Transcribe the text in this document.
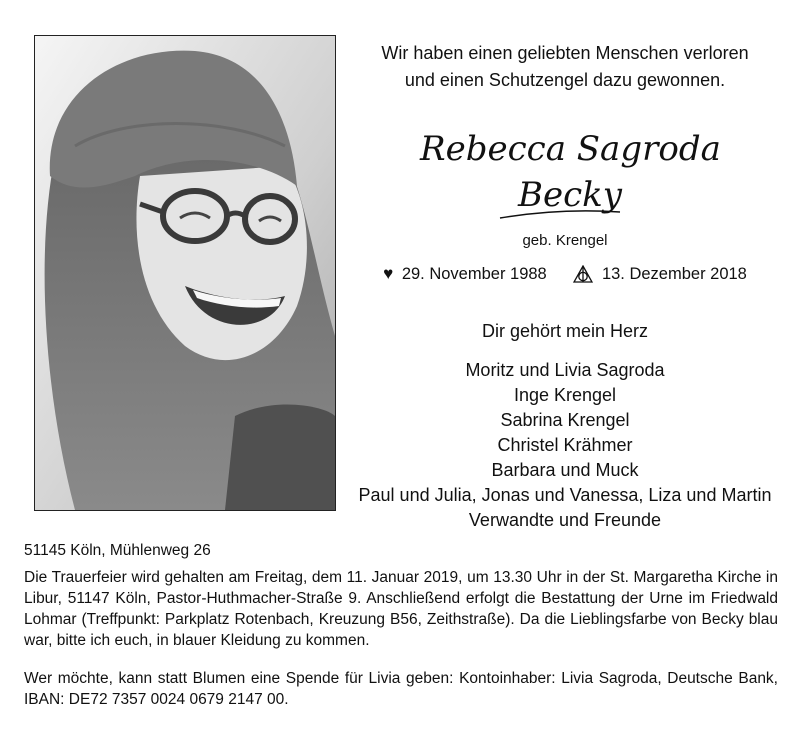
Wir haben einen geliebten Menschen verloren
und einen Schutzengel dazu gewonnen.
Rebecca Sagroda
Becky
geb. Krengel
♥ 29. November 1988	13. Dezember 2018
Dir gehört mein Herz
Moritz und Livia Sagroda
Inge Krengel
Sabrina Krengel
Christel Krähmer
Barbara und Muck
Paul und Julia, Jonas und Vanessa, Liza und Martin
Verwandte und Freunde
51145 Köln, Mühlenweg 26
Die Trauerfeier wird gehalten am Freitag, dem 11. Januar 2019, um 13.30 Uhr in der St. Margaretha Kirche in Libur, 51147 Köln, Pastor-Huthmacher-Straße 9. Anschließend erfolgt die Bestattung der Urne im Friedwald Lohmar (Treffpunkt: Parkplatz Rotenbach, Kreuzung B56, Zeithstraße). Da die Lieblingsfarbe von Becky blau war, bitte ich euch, in blauer Kleidung zu kommen.
Wer möchte, kann statt Blumen eine Spende für Livia geben: Kontoinhaber: Livia Sagroda, Deutsche Bank, IBAN: DE72 7357 0024 0679 2147 00.
